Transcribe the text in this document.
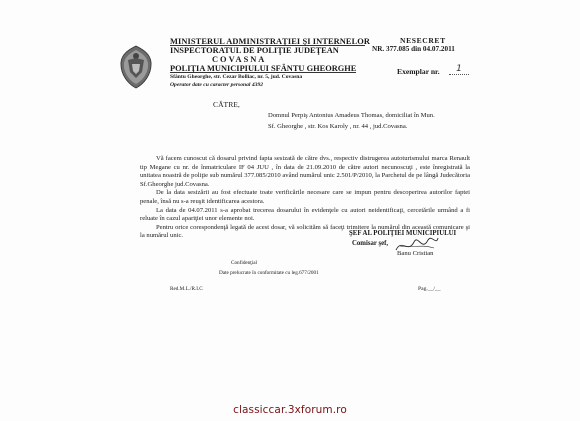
MINISTERUL ADMINISTRAŢIEI ŞI INTERNELOR
INSPECTORATUL DE POLIŢIE JUDEŢEAN
COVASNA
POLIŢIA MUNICIPIULUI SFÂNTU GHEORGHE
Sfântu Gheorghe, str. Cezar Bolliac, nr. 5, jud. Covasna
Operator date cu caracter personal 4392
NESECRET
NR. 377.085 din 04.07.2011
Exemplar nr.	1
CĂTRE,
Domnul Perpiş Antonius Amadeus Thomas, domiciliat în Mun.
Sf. Gheorghe , str. Kos Karoly , nr. 44 , jud.Covasna.

Vă facem cunoscut că dosarul privind fapta sesizată de către dvs., respectiv distrugerea autoturismului marca Renault tip Megane cu nr. de înmatriculare IF 04 JUU , în data de 21.09.2010 de către autori necunoscuţi , este înregistrată la unitatea noastră de poliţie sub numărul 377.085/2010 având numărul unic 2.501/P/2010, la Parchetul de pe lângă Judecătoria Sf.Gheorghe jud.Covasna.

De la data sesizării au fost efectuate toate verificările necesare care se impun pentru descoperirea autorilor faptei penale, însă nu s-a reuşit identificarea acestora.

La data de 04.07.2011 s-a aprobat trecerea dosarului în evidenţele cu autori neidentificaţi, cercetările urmând a fi reluate în cazul apariţiei unor elemente noi.

Pentru orice corespondenţă legată de acest dosar, vă solicităm să faceţi trimitere la numărul din această comunicare şi la numărul unic.	ŞEF AL POLIŢIEI MUNICIPIULUI
Comisar şef,
Banu Cristian
Confidenţial
Date prelucrate în conformitate cu leg.677/2001
Red.M.L./R.I.C	Pag.__/__
classiccar.3xforum.ro
